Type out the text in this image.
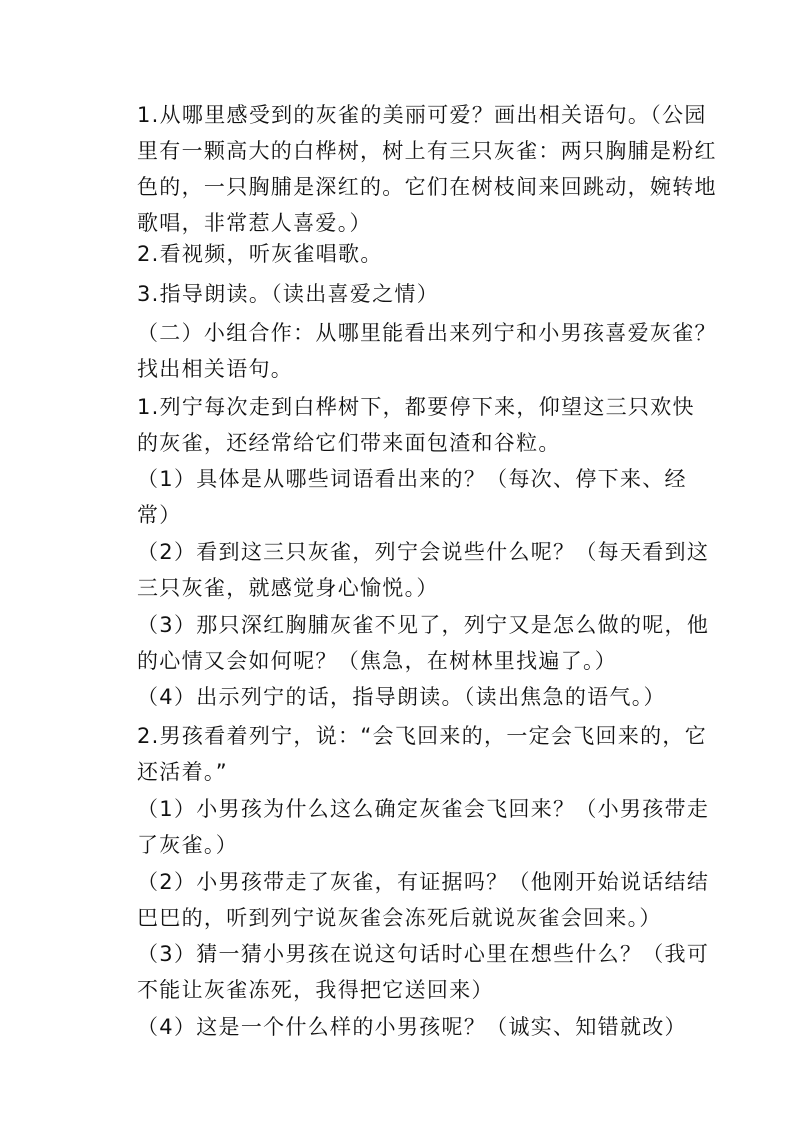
1.从哪里感受到的灰雀的美丽可爱？画出相关语句。（公园里有一颗高大的白桦树，树上有三只灰雀：两只胸脯是粉红色的，一只胸脯是深红的。它们在树枝间来回跳动，婉转地歌唱，非常惹人喜爱。）

2.看视频，听灰雀唱歌。

3.指导朗读。（读出喜爱之情）

（二）小组合作：从哪里能看出来列宁和小男孩喜爱灰雀？找出相关语句。

1.列宁每次走到白桦树下，都要停下来，仰望这三只欢快的灰雀，还经常给它们带来面包渣和谷粒。

（1）具体是从哪些词语看出来的？（每次、停下来、经常）

（2）看到这三只灰雀，列宁会说些什么呢？（每天看到这三只灰雀，就感觉身心愉悦。）

（3）那只深红胸脯灰雀不见了，列宁又是怎么做的呢，他的心情又会如何呢？（焦急，在树林里找遍了。）

（4）出示列宁的话，指导朗读。（读出焦急的语气。）

2.男孩看着列宁，说：“会飞回来的，一定会飞回来的，它还活着。”

（1）小男孩为什么这么确定灰雀会飞回来？（小男孩带走了灰雀。）

（2）小男孩带走了灰雀，有证据吗？（他刚开始说话结结巴巴的，听到列宁说灰雀会冻死后就说灰雀会回来。）

（3）猜一猜小男孩在说这句话时心里在想些什么？（我可不能让灰雀冻死，我得把它送回来）

（4）这是一个什么样的小男孩呢？（诚实、知错就改）
